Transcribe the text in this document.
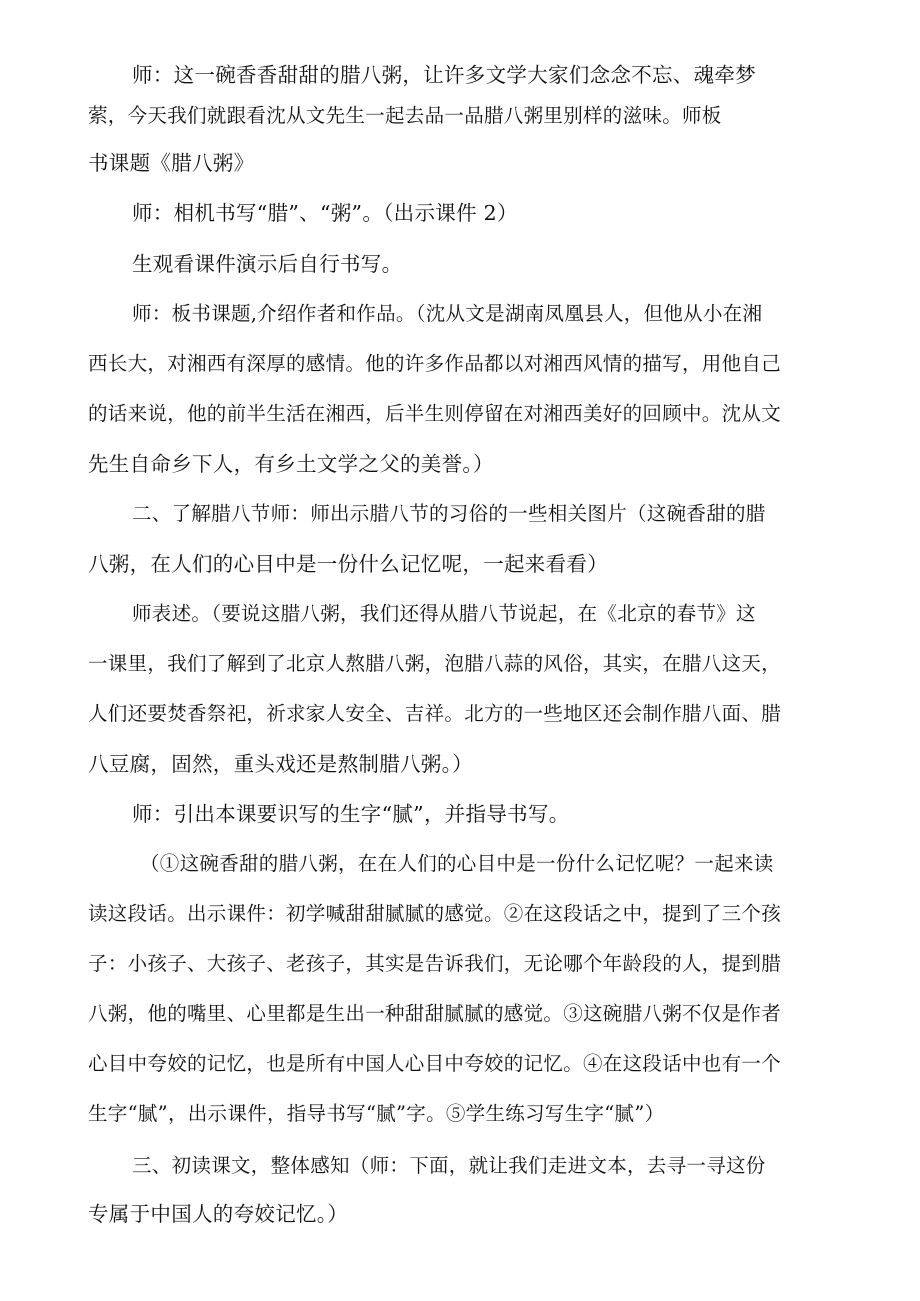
师：这一碗香香甜甜的腊八粥，让许多文学大家们念念不忘、魂牵梦
萦，今天我们就跟看沈从文先生一起去品一品腊八粥里别样的滋味。师板
书课题《腊八粥》
师：相机书写“腊”、“粥”。（出示课件 2）
生观看课件演示后自行书写。
师：板书课题,介绍作者和作品。（沈从文是湖南凤凰县人，但他从小在湘
西长大，对湘西有深厚的感情。他的许多作品都以对湘西风情的描写，用他自己
的话来说，他的前半生活在湘西，后半生则停留在对湘西美好的回顾中。沈从文
先生自命乡下人，有乡土文学之父的美誉。）
二、了解腊八节师：师出示腊八节的习俗的一些相关图片（这碗香甜的腊
八粥，在人们的心目中是一份什么记忆呢，一起来看看）
师表述。（要说这腊八粥，我们还得从腊八节说起，在《北京的春节》这
一课里，我们了解到了北京人熬腊八粥，泡腊八蒜的风俗，其实，在腊八这天，
人们还要焚香祭祀，祈求家人安全、吉祥。北方的一些地区还会制作腊八面、腊
八豆腐，固然，重头戏还是熬制腊八粥。）
师：引出本课要识写的生字“腻”，并指导书写。
（①这碗香甜的腊八粥，在在人们的心目中是一份什么记忆呢？一起来读
读这段话。出示课件：初学喊甜甜腻腻的感觉。②在这段话之中，提到了三个孩
子：小孩子、大孩子、老孩子，其实是告诉我们，无论哪个年龄段的人，提到腊
八粥，他的嘴里、心里都是生出一种甜甜腻腻的感觉。③这碗腊八粥不仅是作者
心目中夸姣的记忆，也是所有中国人心目中夸姣的记忆。④在这段话中也有一个
生字“腻”，出示课件，指导书写“腻”字。⑤学生练习写生字“腻”）
三、初读课文，整体感知（师：下面，就让我们走进文本，去寻一寻这份
专属于中国人的夸姣记忆。）
